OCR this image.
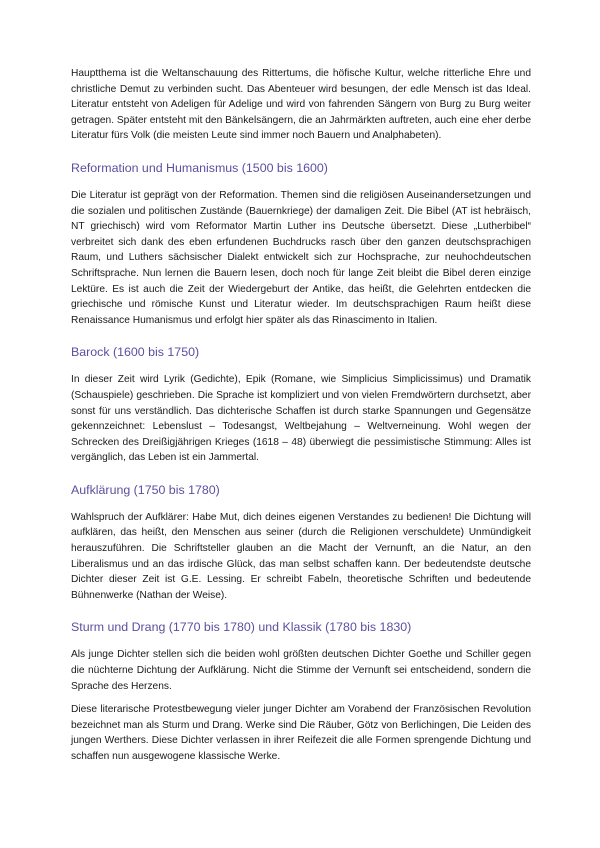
Hauptthema ist die Weltanschauung des Rittertums, die höfische Kultur, welche ritterliche Ehre und christliche Demut zu verbinden sucht. Das Abenteuer wird besungen, der edle Mensch ist das Ideal. Literatur entsteht von Adeligen für Adelige und wird von fahrenden Sängern von Burg zu Burg weiter getragen. Später entsteht mit den Bänkelsängern, die an Jahrmärkten auftreten, auch eine eher derbe Literatur fürs Volk (die meisten Leute sind immer noch Bauern und Analphabeten).

Reformation und Humanismus (1500 bis 1600)

Die Literatur ist geprägt von der Reformation. Themen sind die religiösen Auseinandersetzungen und die sozialen und politischen Zustände (Bauernkriege) der damaligen Zeit. Die Bibel (AT ist hebräisch, NT griechisch) wird vom Reformator Martin Luther ins Deutsche übersetzt. Diese „Lutherbibel“ verbreitet sich dank des eben erfundenen Buchdrucks rasch über den ganzen deutschsprachigen Raum, und Luthers sächsischer Dialekt entwickelt sich zur Hochsprache, zur neuhochdeutschen Schriftsprache. Nun lernen die Bauern lesen, doch noch für lange Zeit bleibt die Bibel deren einzige Lektüre. Es ist auch die Zeit der Wiedergeburt der Antike, das heißt, die Gelehrten entdecken die griechische und römische Kunst und Literatur wieder. Im deutschsprachigen Raum heißt diese Renaissance Humanismus und erfolgt hier später als das Rinascimento in Italien.

Barock (1600 bis 1750)

In dieser Zeit wird Lyrik (Gedichte), Epik (Romane, wie Simplicius Simplicissimus) und Dramatik (Schauspiele) geschrieben. Die Sprache ist kompliziert und von vielen Fremdwörtern durchsetzt, aber sonst für uns verständlich. Das dichterische Schaffen ist durch starke Spannungen und Gegensätze gekennzeichnet: Lebenslust – Todesangst, Weltbejahung – Weltverneinung. Wohl wegen der Schrecken des Dreißigjährigen Krieges (1618 – 48) überwiegt die pessimistische Stimmung: Alles ist vergänglich, das Leben ist ein Jammertal.

Aufklärung (1750 bis 1780)

Wahlspruch der Aufklärer: Habe Mut, dich deines eigenen Verstandes zu bedienen! Die Dichtung will aufklären, das heißt, den Menschen aus seiner (durch die Religionen verschuldete) Unmündigkeit herauszuführen. Die Schriftsteller glauben an die Macht der Vernunft, an die Natur, an den Liberalismus und an das irdische Glück, das man selbst schaffen kann. Der bedeutendste deutsche Dichter dieser Zeit ist G.E. Lessing. Er schreibt Fabeln, theoretische Schriften und bedeutende Bühnenwerke (Nathan der Weise).

Sturm und Drang (1770 bis 1780) und Klassik (1780 bis 1830)

Als junge Dichter stellen sich die beiden wohl größten deutschen Dichter Goethe und Schiller gegen die nüchterne Dichtung der Aufklärung. Nicht die Stimme der Vernunft sei entscheidend, sondern die Sprache des Herzens.

Diese literarische Protestbewegung vieler junger Dichter am Vorabend der Französischen Revolution bezeichnet man als Sturm und Drang. Werke sind Die Räuber, Götz von Berlichingen, Die Leiden des jungen Werthers. Diese Dichter verlassen in ihrer Reifezeit die alle Formen sprengende Dichtung und schaffen nun ausgewogene klassische Werke.
